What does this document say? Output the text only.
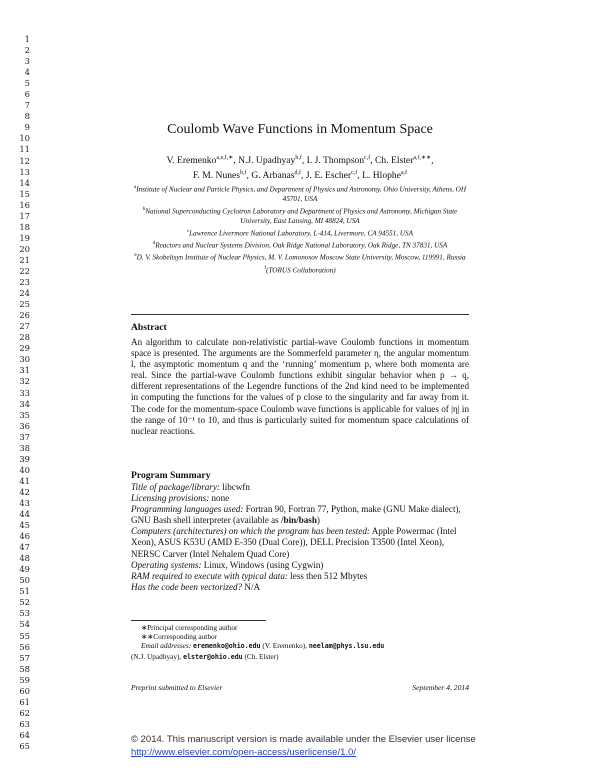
1
2
3
4
5
6
7
8
9
10
11
12
13
14
15
16
17
18
19
20
21
22
23
24
25
26
27
28
29
30
31
32
33
34
35
36
37
38
39
40
41
42
43
44
45
46
47
48
49
50
51
52
53
54
55
56
57
58
59
60
61
62
63
64
65
Coulomb Wave Functions in Momentum Space
V. Eremenko$^{a,e,f,∗}$, N.J. Upadhyay$^{b,f}$, I. J. Thompson$^{c,f}$, Ch. Elster$^{a,f,∗∗}$,
F. M. Nunes$^{b,f}$, G. Arbanas$^{d,f}$, J. E. Escher$^{c,f}$, L. Hlophe$^{a,f}$
$^a$Institute of Nuclear and Particle Physics, and Department of Physics and Astronomy, Ohio University, Athens, OH 45701, USA
$^b$National Superconducting Cyclotron Laboratory and Department of Physics and Astronomy, Michigan State University, East Lansing, MI 48824, USA
$^c$Lawrence Livermore National Laboratory, L-414, Livermore, CA 94551, USA
$^d$Reactors and Nuclear Systems Division, Oak Ridge National Laboratory, Oak Ridge, TN 37831, USA
$^e$D. V. Skobeltsyn Institute of Nuclear Physics, M. V. Lomonosov Moscow State University, Moscow, 119991, Russia
$^f$(TORUS Collaboration)
Abstract
An algorithm to calculate non-relativistic partial-wave Coulomb functions in momentum space is presented. The arguments are the Sommerfeld parameter η, the angular momentum l, the asymptotic momentum q and the ‘running’ momentum p, where both momenta are real. Since the partial-wave Coulomb functions exhibit singular behavior when p → q, different representations of the Legendre functions of the 2nd kind need to be implemented in computing the functions for the values of p close to the singularity and far away from it. The code for the momentum-space Coulomb wave functions is applicable for values of |η| in the range of 10⁻¹ to 10, and thus is particularly suited for momentum space calculations of nuclear reactions.
Program Summary
Title of package/library: libcwfn
Licensing provisions: none
Programming languages used: Fortran 90, Fortran 77, Python, make (GNU Make dialect), GNU Bash shell interpreter (available as /bin/bash)
Computers (architectures) on which the program has been tested: Apple Powermac (Intel Xeon), ASUS K53U (AMD E-350 (Dual Core)), DELL Precision T3500 (Intel Xeon), NERSC Carver (Intel Nehalem Quad Core)
Operating systems: Linux, Windows (using Cygwin)
RAM required to execute with typical data: less then 512 Mbytes
Has the code been vectorized? N/A
∗Principal corresponding author
∗∗Corresponding author
Email addresses: eremenko@ohio.edu (V. Eremenko), neelam@phys.lsu.edu
(N.J. Upadhyay), elster@ohio.edu (Ch. Elster)
Preprint submitted to Elsevier	September 4, 2014
© 2014. This manuscript version is made available under the Elsevier user license
http://www.elsevier.com/open-access/userlicense/1.0/
